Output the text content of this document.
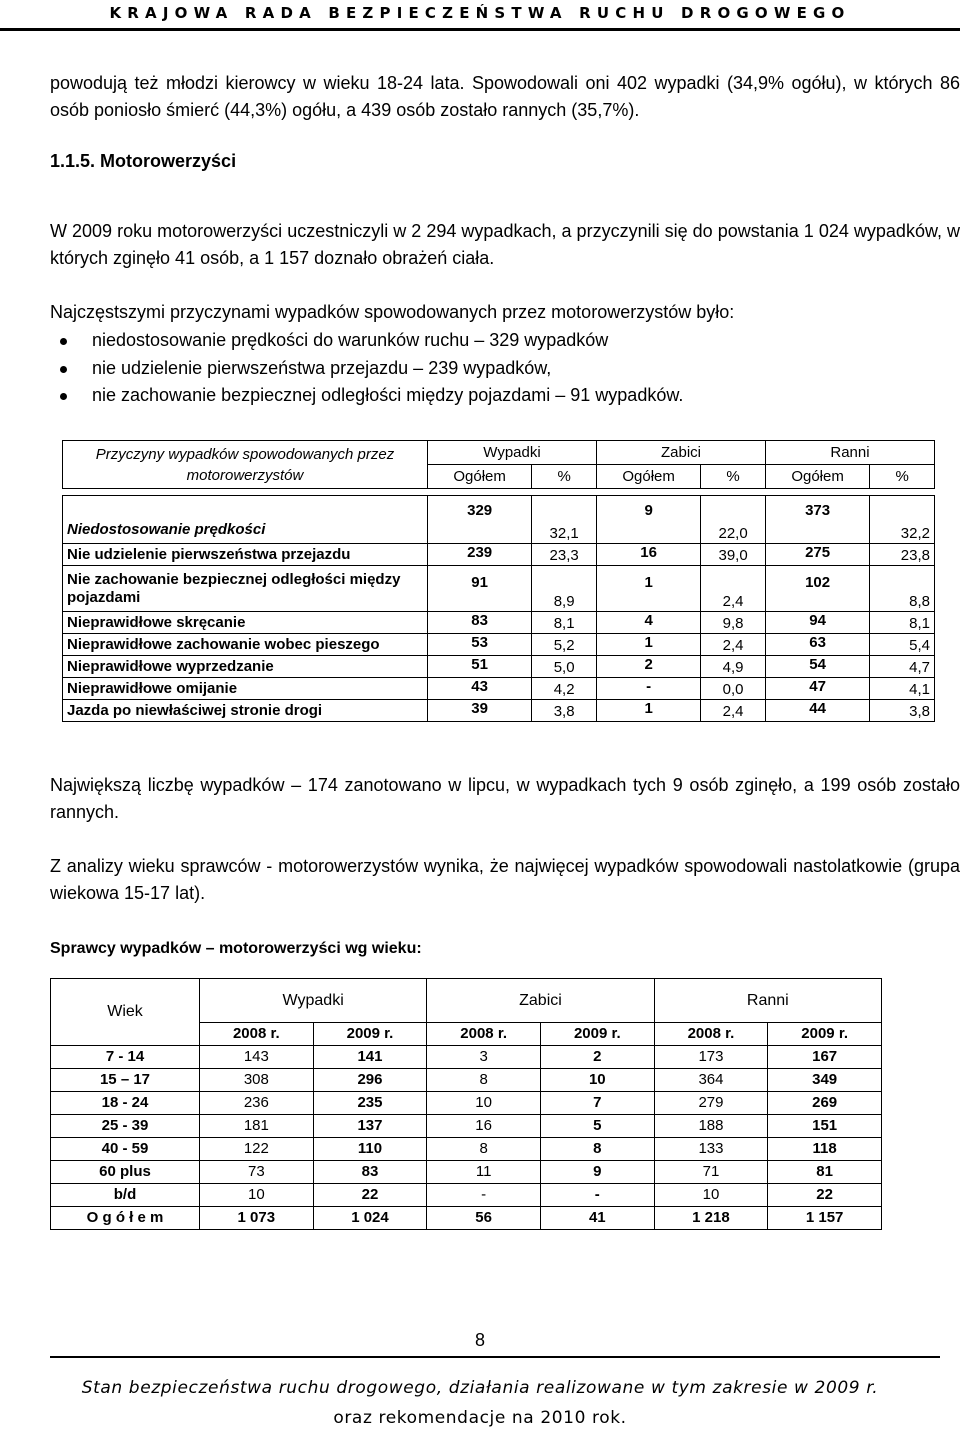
KRAJOWA RADA BEZPIECZEŃSTWA RUCHU DROGOWEGO
powodują też młodzi kierowcy w wieku 18-24 lata. Spowodowali oni 402 wypadki (34,9% ogółu), w których 86 osób poniosło śmierć (44,3%) ogółu, a 439 osób zostało rannych (35,7%).
1.1.5. Motorowerzyści
W 2009 roku motorowerzyści uczestniczyli w 2 294 wypadkach, a przyczynili się do powstania 1 024 wypadków, w których zginęło 41 osób, a 1 157 doznało obrażeń ciała.
Najczęstszymi przyczynami wypadków spowodowanych przez motorowerzystów było:
niedostosowanie prędkości do warunków ruchu – 329 wypadków
nie udzielenie pierwszeństwa przejazdu – 239 wypadków,
nie zachowanie bezpiecznej odległości między pojazdami – 91 wypadków.
Przyczyny wypadków spowodowanych przez motorowerzystów	Wypadki		Zabici		Ranni	
	Ogółem	%	Ogółem	%	Ogółem	%

Niedostosowanie prędkości	329	32,1	9	22,0	373	32,2
Nie udzielenie pierwszeństwa przejazdu	239	23,3	16	39,0	275	23,8
Nie zachowanie bezpiecznej odległości między pojazdami	91	8,9	1	2,4	102	8,8
Nieprawidłowe skręcanie	83	8,1	4	9,8	94	8,1
Nieprawidłowe zachowanie wobec pieszego	53	5,2	1	2,4	63	5,4
Nieprawidłowe wyprzedzanie	51	5,0	2	4,9	54	4,7
Nieprawidłowe omijanie	43	4,2	-	0,0	47	4,1
Jazda po niewłaściwej stronie drogi	39	3,8	1	2,4	44	3,8
Największą liczbę wypadków – 174 zanotowano w lipcu, w wypadkach tych 9 osób zginęło, a 199 osób zostało rannych.
Z analizy wieku sprawców - motorowerzystów wynika, że najwięcej wypadków spowodowali nastolatkowie (grupa wiekowa 15-17 lat).
Sprawcy wypadków – motorowerzyści wg wieku:
Wiek	Wypadki		Zabici		Ranni	
	2008 r.	2009 r.	2008 r.	2009 r.	2008 r.	2009 r.
7 - 14	143	141	3	2	173	167
15 – 17	308	296	8	10	364	349
18 - 24	236	235	10	7	279	269
25 - 39	181	137	16	5	188	151
40 - 59	122	110	8	8	133	118
60 plus	73	83	11	9	71	81
b/d	10	22	-	-	10	22
O g ó ł e m	1 073	1 024	56	41	1 218	1 157
8
Stan bezpieczeństwa ruchu drogowego, działania realizowane w tym zakresie w 2009 r.
oraz rekomendacje na 2010 rok.
